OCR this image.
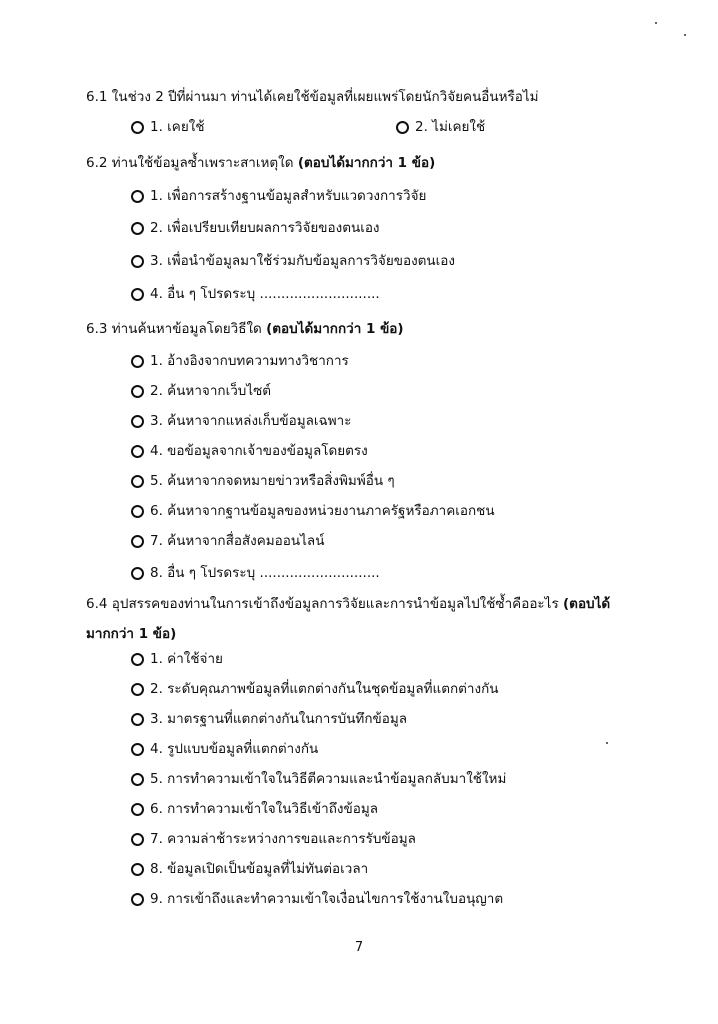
6.1 ในช่วง 2 ปีที่ผ่านมา ท่านได้เคยใช้ข้อมูลที่เผยแพร่โดยนักวิจัยคนอื่นหรือไม่
1. เคยใช้	2. ไม่เคยใช้
6.2 ท่านใช้ข้อมูลซ้ำเพราะสาเหตุใด (ตอบได้มากกว่า 1 ข้อ)
1. เพื่อการสร้างฐานข้อมูลสำหรับแวดวงการวิจัย
2. เพื่อเปรียบเทียบผลการวิจัยของตนเอง
3. เพื่อนำข้อมูลมาใช้ร่วมกับข้อมูลการวิจัยของตนเอง
4. อื่น ๆ โปรดระบุ ............................
6.3 ท่านค้นหาข้อมูลโดยวิธีใด (ตอบได้มากกว่า 1 ข้อ)
1. อ้างอิงจากบทความทางวิชาการ
2. ค้นหาจากเว็บไซต์
3. ค้นหาจากแหล่งเก็บข้อมูลเฉพาะ
4. ขอข้อมูลจากเจ้าของข้อมูลโดยตรง
5. ค้นหาจากจดหมายข่าวหรือสิ่งพิมพ์อื่น ๆ
6. ค้นหาจากฐานข้อมูลของหน่วยงานภาครัฐหรือภาคเอกชน
7. ค้นหาจากสื่อสังคมออนไลน์
8. อื่น ๆ โปรดระบุ ............................
6.4 อุปสรรคของท่านในการเข้าถึงข้อมูลการวิจัยและการนำข้อมูลไปใช้ซ้ำคืออะไร (ตอบได้มากกว่า 1 ข้อ)
1. ค่าใช้จ่าย
2. ระดับคุณภาพข้อมูลที่แตกต่างกันในชุดข้อมูลที่แตกต่างกัน
3. มาตรฐานที่แตกต่างกันในการบันทึกข้อมูล
4. รูปแบบข้อมูลที่แตกต่างกัน
5. การทำความเข้าใจในวิธีตีความและนำข้อมูลกลับมาใช้ใหม่
6. การทำความเข้าใจในวิธีเข้าถึงข้อมูล
7. ความล่าช้าระหว่างการขอและการรับข้อมูล
8. ข้อมูลเปิดเป็นข้อมูลที่ไม่ทันต่อเวลา
9. การเข้าถึงและทำความเข้าใจเงื่อนไขการใช้งานใบอนุญาต
7
